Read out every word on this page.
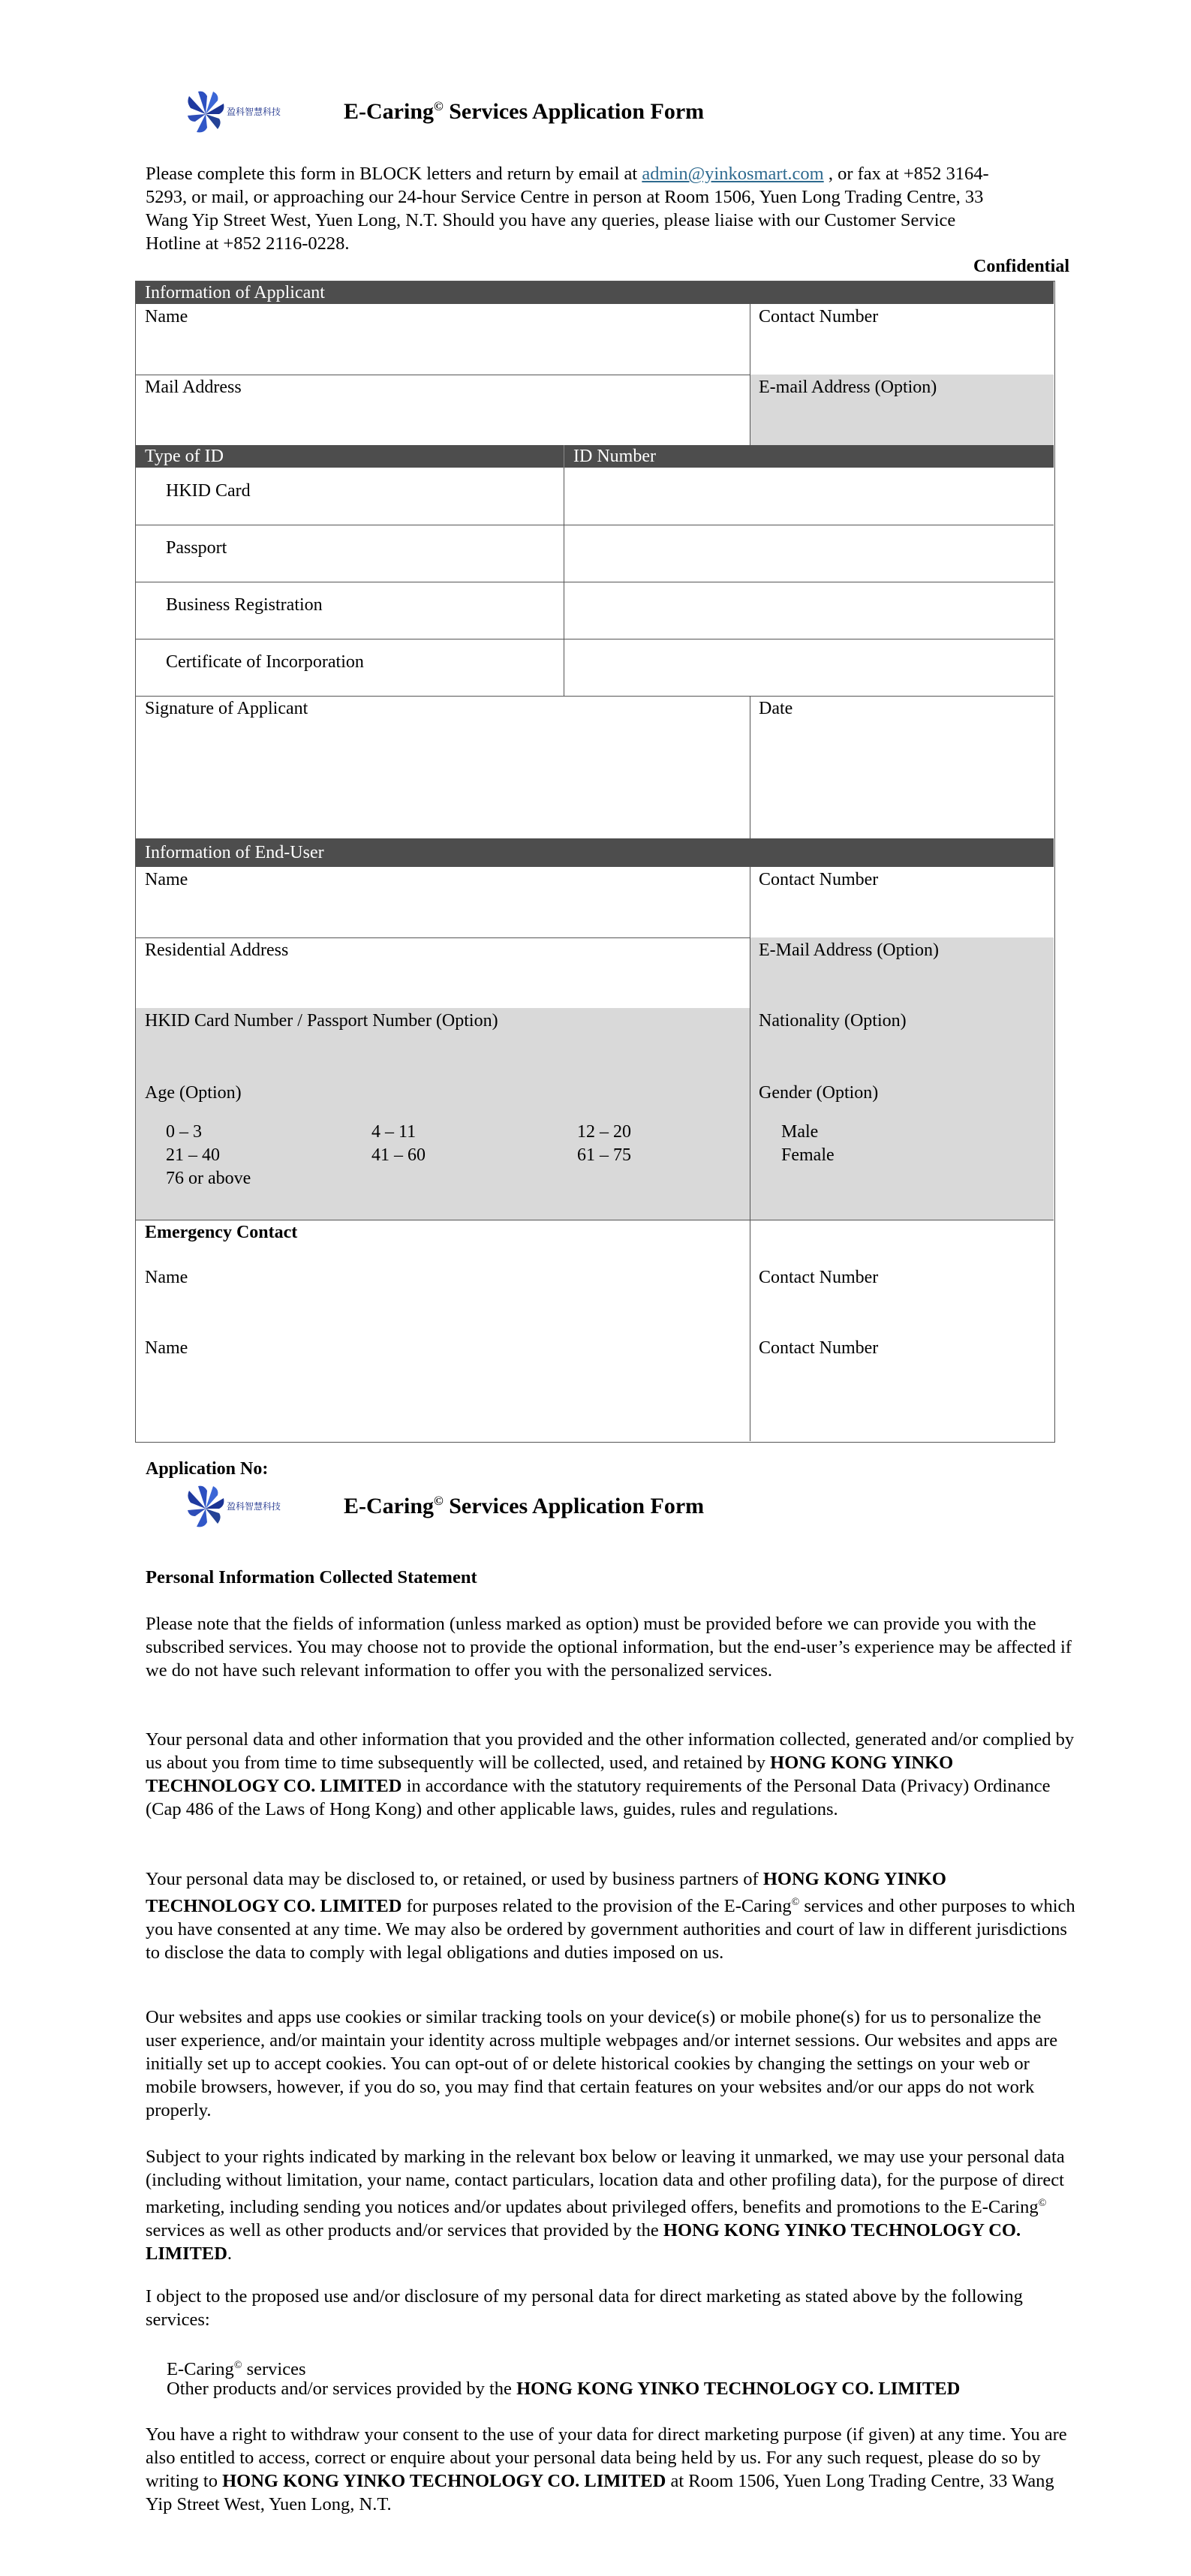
盈科智慧科技	E-Caring© Services Application Form
Please complete this form in BLOCK letters and return by email at admin@yinkosmart.com , or fax at +852 3164-5293, or mail, or approaching our 24-hour Service Centre in person at Room 1506, Yuen Long Trading Centre, 33 Wang Yip Street West, Yuen Long, N.T. Should you have any queries, please liaise with our Customer Service Hotline at +852 2116-0228.
Confidential
Information of Applicant
Name	Contact Number
Mail Address	E-mail Address (Option)
Type of ID	ID Number
HKID Card
Passport
Business Registration
Certificate of Incorporation
Signature of Applicant	Date
Information of End-User
Name	Contact Number
Residential Address	E-Mail Address (Option)
HKID Card Number / Passport Number (Option)	Nationality (Option)
Age (Option)	Gender (Option)
0 – 3	4 – 11	12 – 20
21 – 40	41 – 60	61 – 75
76 or above
Male
Female
Emergency Contact
Name	Contact Number
Name	Contact Number
Application No:
盈科智慧科技	E-Caring© Services Application Form
Personal Information Collected Statement
Please note that the fields of information (unless marked as option) must be provided before we can provide you with the subscribed services. You may choose not to provide the optional information, but the end-user’s experience may be affected if we do not have such relevant information to offer you with the personalized services.
Your personal data and other information that you provided and the other information collected, generated and/or complied by us about you from time to time subsequently will be collected, used, and retained by HONG KONG YINKO TECHNOLOGY CO. LIMITED in accordance with the statutory requirements of the Personal Data (Privacy) Ordinance (Cap 486 of the Laws of Hong Kong) and other applicable laws, guides, rules and regulations.
Your personal data may be disclosed to, or retained, or used by business partners of HONG KONG YINKO TECHNOLOGY CO. LIMITED for purposes related to the provision of the E-Caring© services and other purposes to which you have consented at any time. We may also be ordered by government authorities and court of law in different jurisdictions to disclose the data to comply with legal obligations and duties imposed on us.
Our websites and apps use cookies or similar tracking tools on your device(s) or mobile phone(s) for us to personalize the user experience, and/or maintain your identity across multiple webpages and/or internet sessions. Our websites and apps are initially set up to accept cookies. You can opt-out of or delete historical cookies by changing the settings on your web or mobile browsers, however, if you do so, you may find that certain features on your websites and/or our apps do not work properly.
Subject to your rights indicated by marking in the relevant box below or leaving it unmarked, we may use your personal data (including without limitation, your name, contact particulars, location data and other profiling data), for the purpose of direct marketing, including sending you notices and/or updates about privileged offers, benefits and promotions to the E-Caring© services as well as other products and/or services that provided by the HONG KONG YINKO TECHNOLOGY CO. LIMITED.
I object to the proposed use and/or disclosure of my personal data for direct marketing as stated above by the following services:
E-Caring© services
Other products and/or services provided by the HONG KONG YINKO TECHNOLOGY CO. LIMITED
You have a right to withdraw your consent to the use of your data for direct marketing purpose (if given) at any time. You are also entitled to access, correct or enquire about your personal data being held by us. For any such request, please do so by writing to HONG KONG YINKO TECHNOLOGY CO. LIMITED at Room 1506, Yuen Long Trading Centre, 33 Wang Yip Street West, Yuen Long, N.T.
